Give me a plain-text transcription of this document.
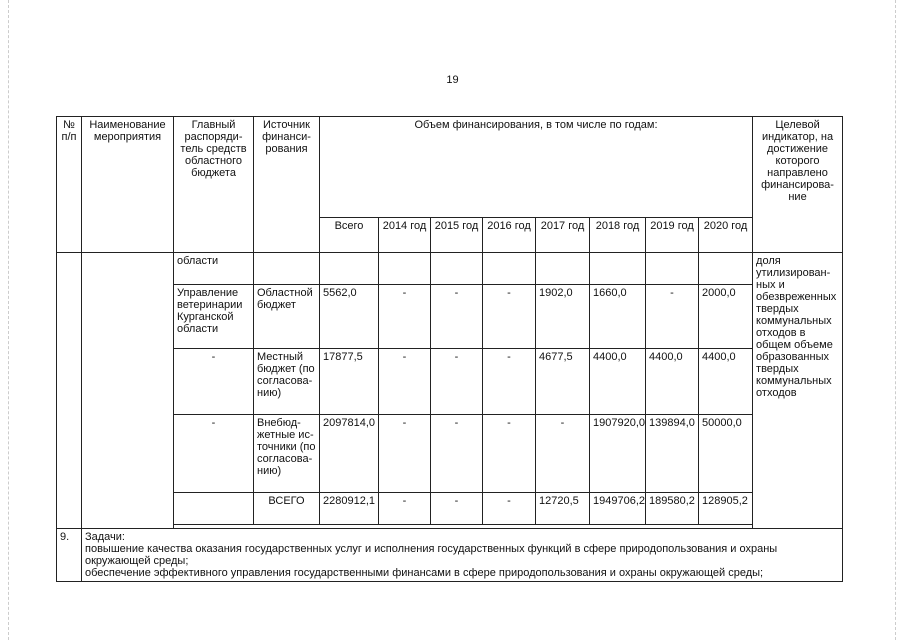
19
№ п/п	Наименование мероприятия	Главный распоряди-тель средств областного бюджета	Источник финанси-рования	Объем финансирования, в том числе по годам:								Целевой индикатор, на достижение которого направлено финансирова-ние
				Всего	2014 год	2015 год	2016 год	2017 год	2018 год	2019 год	2020 год	
		области										доля утилизирован-ных и обезвреженных твердых коммунальных отходов в общем объеме образованных твердых коммунальных отходов
		Управление ветеринарии Курганской области	Областной бюджет	5562,0	-	-	-	1902,0	1660,0	-	2000,0	
		-	Местный бюджет (по согласова-нию)	17877,5	-	-	-	4677,5	4400,0	4400,0	4400,0	
		-	Внебюд-жетные ис-точники (по согласова-нию)	2097814,0	-	-	-	-	1907920,0	139894,0	50000,0	
			ВСЕГО	2280912,1	-	-	-	12720,5	1949706,2	189580,2	128905,2	

9.	Задачи:
повышение качества оказания государственных услуг и исполнения государственных функций в сфере природопользования и охраны окружающей среды;
обеспечение эффективного управления государственными финансами в сфере природопользования и охраны окружающей среды;											
